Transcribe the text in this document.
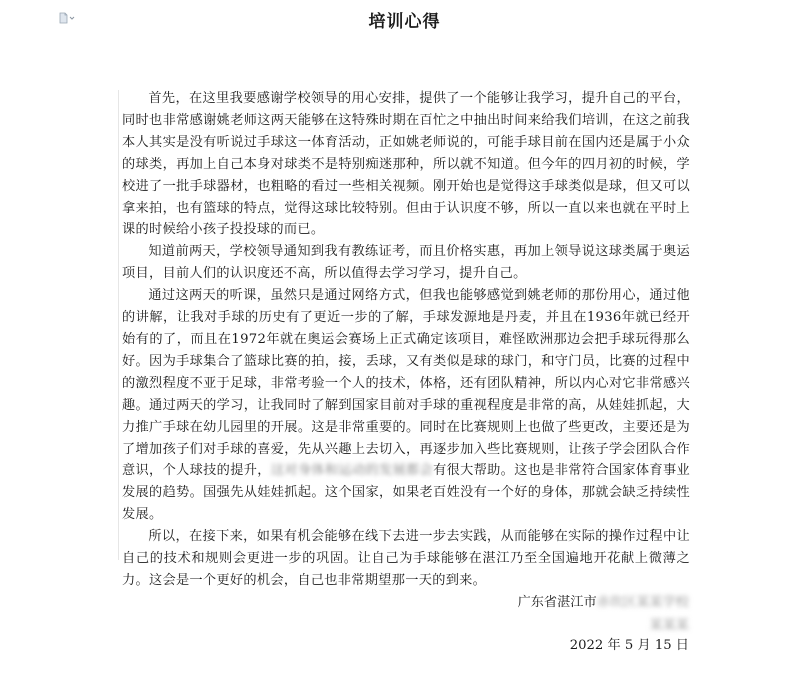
培训心得

首先，在这里我要感谢学校领导的用心安排，提供了一个能够让我学习，提升自己的平台，同时也非常感谢姚老师这两天能够在这特殊时期在百忙之中抽出时间来给我们培训，在这之前我本人其实是没有听说过手球这一体育活动，正如姚老师说的，可能手球目前在国内还是属于小众的球类，再加上自己本身对球类不是特别痴迷那种，所以就不知道。但今年的四月初的时候，学校进了一批手球器材，也粗略的看过一些相关视频。刚开始也是觉得这手球类似是球，但又可以拿来拍，也有篮球的特点，觉得这球比较特别。但由于认识度不够，所以一直以来也就在平时上课的时候给小孩子投投球的而已。

知道前两天，学校领导通知到我有教练证考，而且价格实惠，再加上领导说这球类属于奥运项目，目前人们的认识度还不高，所以值得去学习学习，提升自己。

通过这两天的听课，虽然只是通过网络方式，但我也能够感觉到姚老师的那份用心，通过他的讲解，让我对手球的历史有了更近一步的了解，手球发源地是丹麦，并且在1936年就已经开始有的了，而且在1972年就在奥运会赛场上正式确定该项目，难怪欧洲那边会把手球玩得那么好。因为手球集合了篮球比赛的拍，接，丢球，又有类似是球的球门，和守门员，比赛的过程中的激烈程度不亚于足球，非常考验一个人的技术，体格，还有团队精神，所以内心对它非常感兴趣。通过两天的学习，让我同时了解到国家目前对手球的重视程度是非常的高，从娃娃抓起，大力推广手球在幼儿园里的开展。这是非常重要的。同时在比赛规则上也做了些更改，主要还是为了增加孩子们对手球的喜爱，先从兴趣上去切入，再逐步加入些比赛规则，让孩子学会团队合作意识，个人球技的提升，这对身体和运动的发展都会有很大帮助。这也是非常符合国家体育事业发展的趋势。国强先从娃娃抓起。这个国家，如果老百姓没有一个好的身体，那就会缺乏持续性发展。

所以，在接下来，如果有机会能够在线下去进一步去实践，从而能够在实际的操作过程中让自己的技术和规则会更进一步的巩固。让自己为手球能够在湛江乃至全国遍地开花献上微薄之力。这会是一个更好的机会，自己也非常期望那一天的到来。

广东省湛江市赤坎区某某学校
某某某
2022 年 5 月 15 日
